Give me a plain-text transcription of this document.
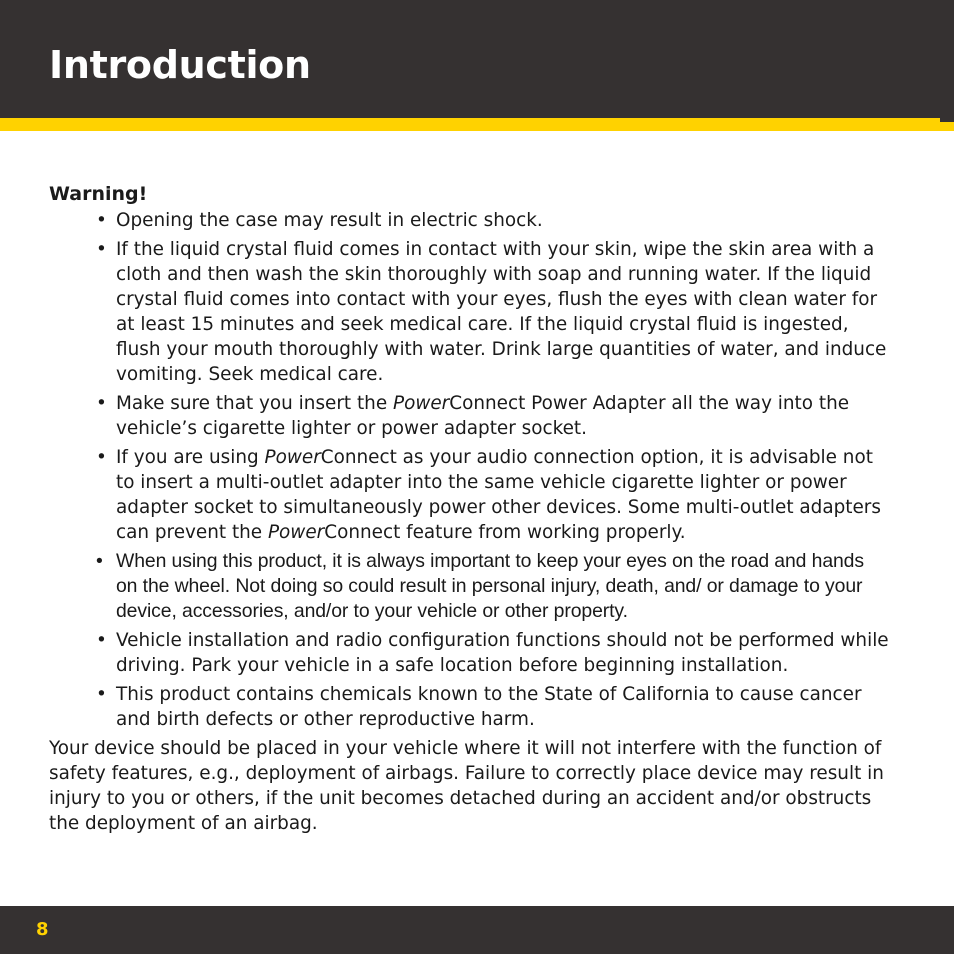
Introduction
Warning!
• Opening the case may result in electric shock.
• If the liquid crystal fluid comes in contact with your skin, wipe the skin area with a cloth and then wash the skin thoroughly with soap and running water. If the liquid crystal fluid comes into contact with your eyes, flush the eyes with clean water for at least 15 minutes and seek medical care. If the liquid crystal fluid is ingested, flush your mouth thoroughly with water. Drink large quantities of water, and induce vomiting. Seek medical care.
• Make sure that you insert the PowerConnect Power Adapter all the way into the vehicle’s cigarette lighter or power adapter socket.
• If you are using PowerConnect as your audio connection option, it is advisable not to insert a multi-outlet adapter into the same vehicle cigarette lighter or power adapter socket to simultaneously power other devices. Some multi-outlet adapters can prevent the PowerConnect feature from working properly.
• When using this product, it is always important to keep your eyes on the road and hands on the wheel. Not doing so could result in personal injury, death, and/ or damage to your device, accessories, and/or to your vehicle or other property.
• Vehicle installation and radio configuration functions should not be performed while driving. Park your vehicle in a safe location before beginning installation.
• This product contains chemicals known to the State of California to cause cancer and birth defects or other reproductive harm.

Your device should be placed in your vehicle where it will not interfere with the function of safety features, e.g., deployment of airbags. Failure to correctly place device may result in injury to you or others, if the unit becomes detached during an accident and/or obstructs the deployment of an airbag.

8
